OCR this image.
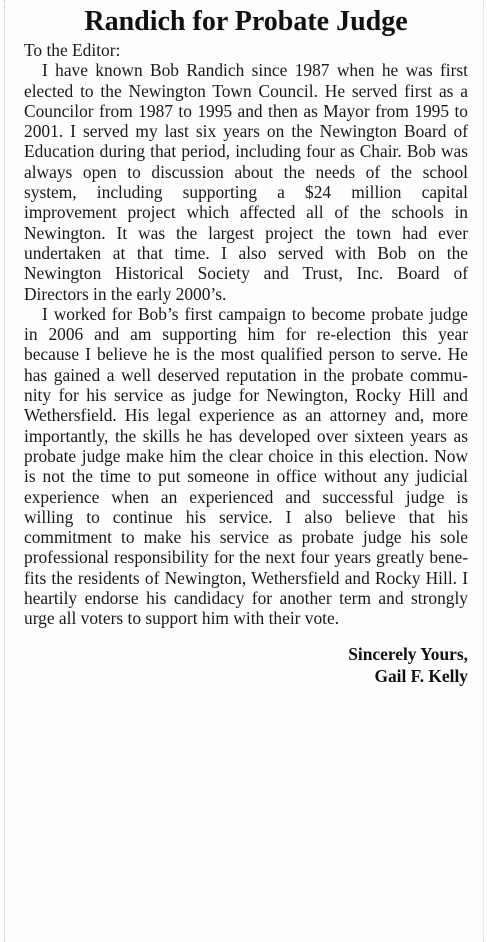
Randich for Probate Judge

To the Editor:

I have known Bob Randich since 1987 when he was first elected to the Newington Town Council. He served first as a Councilor from 1987 to 1995 and then as Mayor from 1995 to 2001. I served my last six years on the Newington Board of Education during that period, including four as Chair. Bob was always open to discussion about the needs of the school system, including supporting a $24 million capital improvement project which affected all of the schools in Newington. It was the largest project the town had ever undertaken at that time. I also served with Bob on the Newington Historical Society and Trust, Inc. Board of Directors in the early 2000’s.

I worked for Bob’s first campaign to become probate judge in 2006 and am supporting him for re-election this year because I believe he is the most qualified person to serve. He has gained a well deserved reputation in the probate community for his service as judge for Newington, Rocky Hill and Wethersfield. His legal experience as an attorney and, more importantly, the skills he has developed over sixteen years as probate judge make him the clear choice in this election. Now is not the time to put someone in office without any judicial experience when an experienced and successful judge is willing to continue his service. I also believe that his commitment to make his service as probate judge his sole professional responsibility for the next four years greatly benefits the residents of Newington, Wethersfield and Rocky Hill. I heartily endorse his candidacy for another term and strongly urge all voters to support him with their vote.

Sincerely Yours,
Gail F. Kelly
